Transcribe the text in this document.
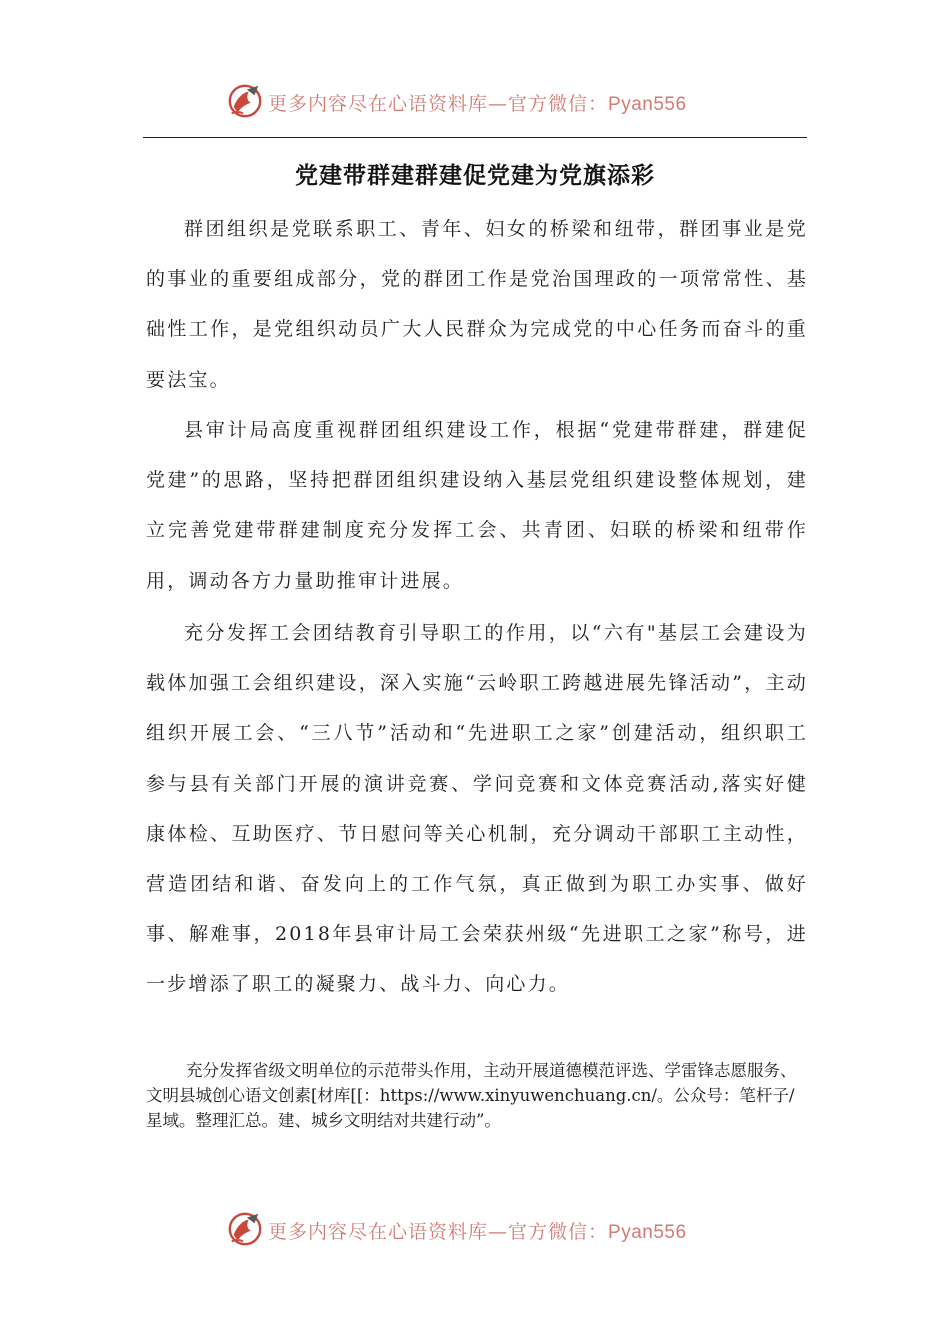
更多内容尽在心语资料库—官方微信：Pyan556
党建带群建群建促党建为党旗添彩
群团组织是党联系职工、青年、妇女的桥梁和纽带，群团事业是党的事业的重要组成部分，党的群团工作是党治国理政的一项常常性、基础性工作，是党组织动员广大人民群众为完成党的中心任务而奋斗的重要法宝。
县审计局高度重视群团组织建设工作，根据“党建带群建，群建促党建”的思路，坚持把群团组织建设纳入基层党组织建设整体规划，建立完善党建带群建制度充分发挥工会、共青团、妇联的桥梁和纽带作用，调动各方力量助推审计进展。
充分发挥工会团结教育引导职工的作用，以“六有"基层工会建设为载体加强工会组织建设，深入实施“云岭职工跨越进展先锋活动”，主动组织开展工会、“三八节”活动和“先进职工之家”创建活动，组织职工参与县有关部门开展的演讲竞赛、学问竞赛和文体竞赛活动,落实好健康体检、互助医疗、节日慰问等关心机制，充分调动干部职工主动性，营造团结和谐、奋发向上的工作气氛，真正做到为职工办实事、做好事、解难事，2018年县审计局工会荣获州级“先进职工之家”称号，进一步增添了职工的凝聚力、战斗力、向心力。
充分发挥省级文明单位的示范带头作用，主动开展道德模范评选、学雷锋志愿服务、文明县城创心语文创素[材库[[：https://www.xinyuwenchuang.cn/。公众号：笔杆子/星域。整理汇总。建、城乡文明结对共建行动”。
更多内容尽在心语资料库—官方微信：Pyan556
